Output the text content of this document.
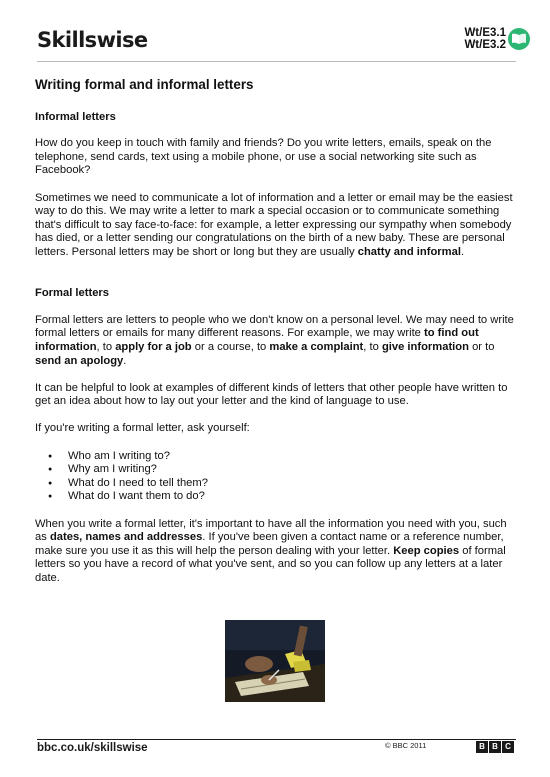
Skillswise	Wt/E3.1
Wt/E3.2
Writing formal and informal letters
Informal letters

How do you keep in touch with family and friends? Do you write letters, emails, speak on the telephone, send cards, text using a mobile phone, or use a social networking site such as Facebook?

Sometimes we need to communicate a lot of information and a letter or email may be the easiest way to do this. We may write a letter to mark a special occasion or to communicate something that's difficult to say face-to-face: for example, a letter expressing our sympathy when somebody has died, or a letter sending our congratulations on the birth of a new baby. These are personal letters. Personal letters may be short or long but they are usually chatty and informal.

Formal letters

Formal letters are letters to people who we don't know on a personal level. We may need to write formal letters or emails for many different reasons. For example, we may write to find out information, to apply for a job or a course, to make a complaint, to give information or to send an apology.

It can be helpful to look at examples of different kinds of letters that other people have written to get an idea about how to lay out your letter and the kind of language to use.

If you're writing a formal letter, ask yourself:

● Who am I writing to?
● Why am I writing?
● What do I need to tell them?
● What do I want them to do?

When you write a formal letter, it's important to have all the information you need with you, such as dates, names and addresses. If you've been given a contact name or a reference number, make sure you use it as this will help the person dealing with your letter. Keep copies of formal letters so you have a record of what you've sent, and so you can follow up any letters at a later date.

bbc.co.uk/skillswise	© BBC 2011	B B C
